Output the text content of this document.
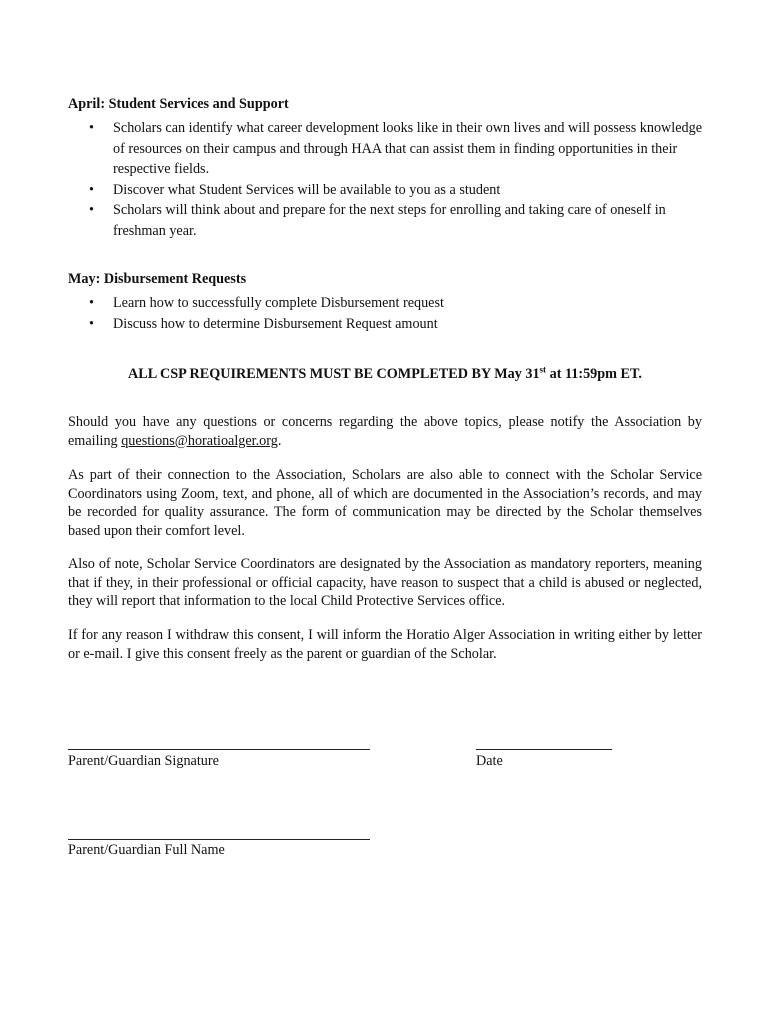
April: Student Services and Support
• Scholars can identify what career development looks like in their own lives and will possess knowledge of resources on their campus and through HAA that can assist them in finding opportunities in their respective fields.
• Discover what Student Services will be available to you as a student
• Scholars will think about and prepare for the next steps for enrolling and taking care of oneself in freshman year.
May: Disbursement Requests
• Learn how to successfully complete Disbursement request
• Discuss how to determine Disbursement Request amount

ALL CSP REQUIREMENTS MUST BE COMPLETED BY May 31st at 11:59pm ET.

Should you have any questions or concerns regarding the above topics, please notify the Association by emailing questions@horatioalger.org.

As part of their connection to the Association, Scholars are also able to connect with the Scholar Service Coordinators using Zoom, text, and phone, all of which are documented in the Association’s records, and may be recorded for quality assurance. The form of communication may be directed by the Scholar themselves based upon their comfort level.

Also of note, Scholar Service Coordinators are designated by the Association as mandatory reporters, meaning that if they, in their professional or official capacity, have reason to suspect that a child is abused or neglected, they will report that information to the local Child Protective Services office.

If for any reason I withdraw this consent, I will inform the Horatio Alger Association in writing either by letter or e-mail. I give this consent freely as the parent or guardian of the Scholar.

Parent/Guardian Signature	Date

Parent/Guardian Full Name
